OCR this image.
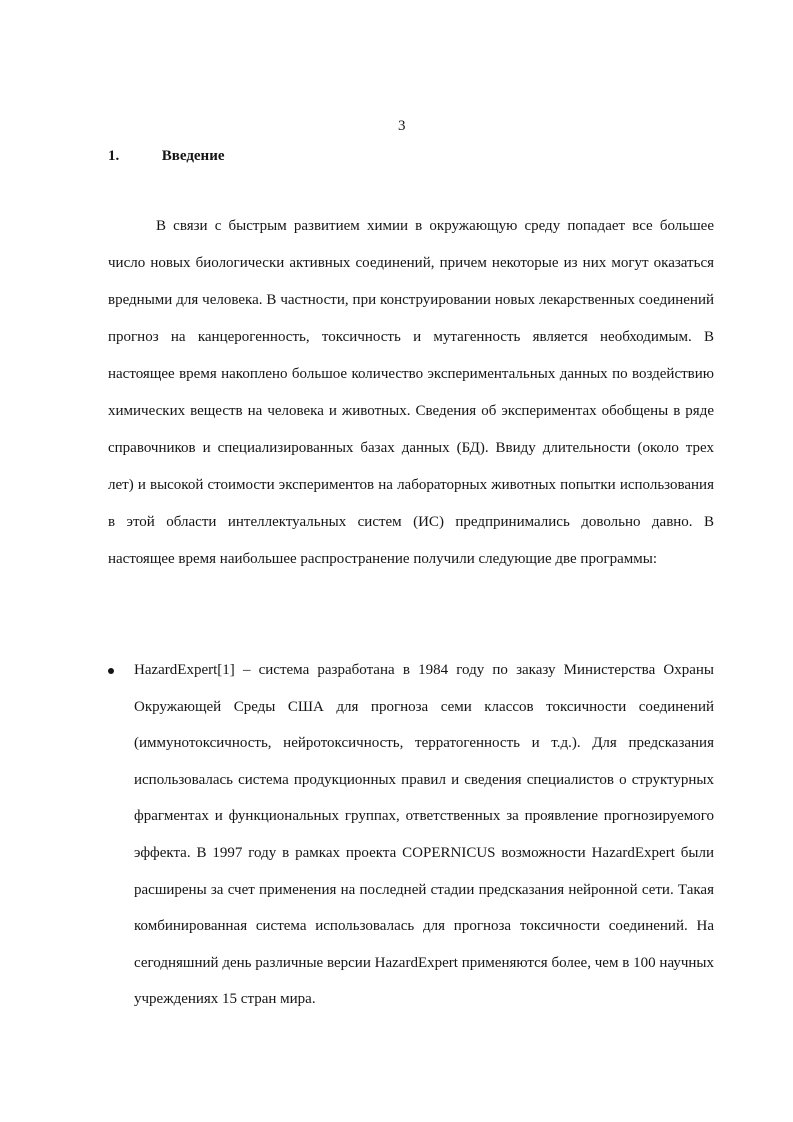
3
1.	Введение

В связи с быстрым развитием химии в окружающую среду попадает все большее число новых биологически активных соединений, причем некоторые из них могут оказаться вредными для человека. В частности, при конструировании новых лекарственных соединений прогноз на канцерогенность, токсичность и мутагенность является необходимым. В настоящее время накоплено большое количество экспериментальных данных по воздействию химических веществ на человека и животных. Сведения об экспериментах обобщены в ряде справочников и специализированных базах данных (БД). Ввиду длительности (около трех лет) и высокой стоимости экспериментов на лабораторных животных попытки использования в этой области интеллектуальных систем (ИС) предпринимались довольно давно. В настоящее время наибольшее распространение получили следующие две программы:

HazardExpert[1] – система разработана в 1984 году по заказу Министерства Охраны Окружающей Среды США для прогноза семи классов токсичности соединений (иммунотоксичность, нейротоксичность, терратогенность и т.д.). Для предсказания использовалась система продукционных правил и сведения специалистов о структурных фрагментах и функциональных группах, ответственных за проявление прогнозируемого эффекта. В 1997 году в рамках проекта COPERNICUS возможности HazardExpert были расширены за счет применения на последней стадии предсказания нейронной сети. Такая комбинированная система использовалась для прогноза токсичности соединений. На сегодняшний день различные версии HazardExpert применяются более, чем в 100 научных учреждениях 15 стран мира.
